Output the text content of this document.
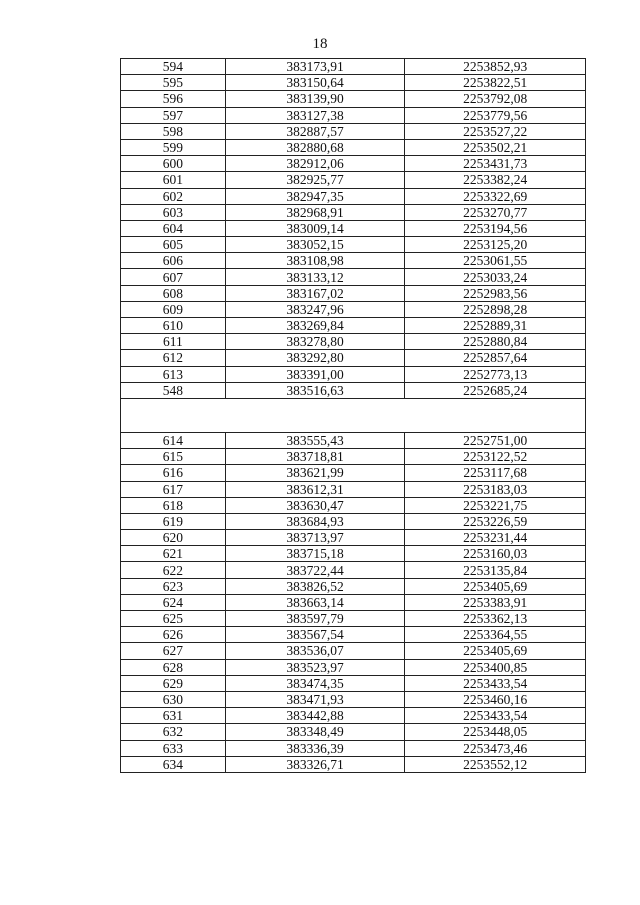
18
594	383173,91	2253852,93
595	383150,64	2253822,51
596	383139,90	2253792,08
597	383127,38	2253779,56
598	382887,57	2253527,22
599	382880,68	2253502,21
600	382912,06	2253431,73
601	382925,77	2253382,24
602	382947,35	2253322,69
603	382968,91	2253270,77
604	383009,14	2253194,56
605	383052,15	2253125,20
606	383108,98	2253061,55
607	383133,12	2253033,24
608	383167,02	2252983,56
609	383247,96	2252898,28
610	383269,84	2252889,31
611	383278,80	2252880,84
612	383292,80	2252857,64
613	383391,00	2252773,13
548	383516,63	2252685,24

614	383555,43	2252751,00
615	383718,81	2253122,52
616	383621,99	2253117,68
617	383612,31	2253183,03
618	383630,47	2253221,75
619	383684,93	2253226,59
620	383713,97	2253231,44
621	383715,18	2253160,03
622	383722,44	2253135,84
623	383826,52	2253405,69
624	383663,14	2253383,91
625	383597,79	2253362,13
626	383567,54	2253364,55
627	383536,07	2253405,69
628	383523,97	2253400,85
629	383474,35	2253433,54
630	383471,93	2253460,16
631	383442,88	2253433,54
632	383348,49	2253448,05
633	383336,39	2253473,46
634	383326,71	2253552,12
